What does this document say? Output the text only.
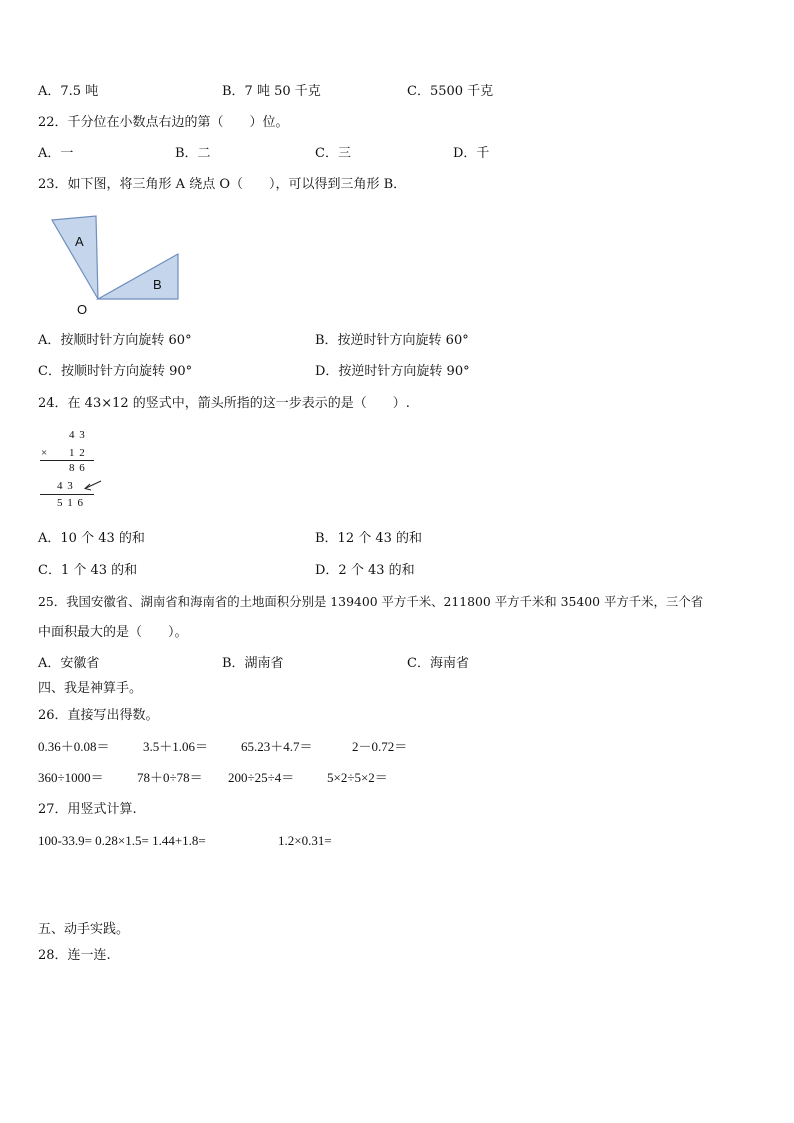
A．7.5 吨	B．7 吨 50 千克	C．5500 千克
22．千分位在小数点右边的第（　　）位。
A．一	B．二	C．三	D．千
23．如下图，将三角形 A 绕点 O（　　），可以得到三角形 B．
A
B
O
A．按顺时针方向旋转 60°	B．按逆时针方向旋转 60°
C．按顺时针方向旋转 90°	D．按逆时针方向旋转 90°
24．在 43×12 的竖式中，箭头所指的这一步表示的是（　　）.
4 3
× 1 2
8 6
4 3
5 1 6
A．10 个 43 的和	B．12 个 43 的和
C．1 个 43 的和	D．2 个 43 的和
25．我国安徽省、湖南省和海南省的土地面积分别是 139400 平方千米、211800 平方千米和 35400 平方千米，三个省
中面积最大的是（　　）。
A．安徽省	B．湖南省	C．海南省
四、我是神算手。
26．直接写出得数。
0.36＋0.08＝	3.5＋1.06＝	65.23＋4.7＝	2－0.72＝
360÷1000＝	78＋0÷78＝ 200÷25÷4＝	5×2÷5×2＝
27．用竖式计算.
100-33.9= 0.28×1.5= 1.44+1.8=	1.2×0.31=
五、动手实践。
28．连一连.
